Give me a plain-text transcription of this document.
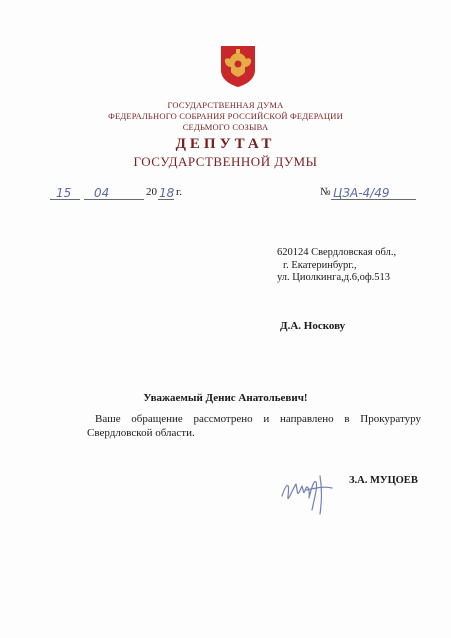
ГОСУДАРСТВЕННАЯ ДУМА
ФЕДЕРАЛЬНОГО СОБРАНИЯ РОССИЙСКОЙ ФЕДЕРАЦИИ
СЕДЬМОГО СОЗЫВА
ДЕПУТАТ
ГОСУДАРСТВЕННОЙ ДУМЫ
15 04	20 18 г.	№ ЦЗА-4/49
620124 Свердловская обл.,
г. Екатеринбург.,
ул. Циолкинга,д.6,оф.513
Д.А. Носкову
Уважаемый Денис Анатольевич!
Ваше обращение рассмотрено и направлено в Прокуратуру Свердловской области.
З.А. МУЦОЕВ
